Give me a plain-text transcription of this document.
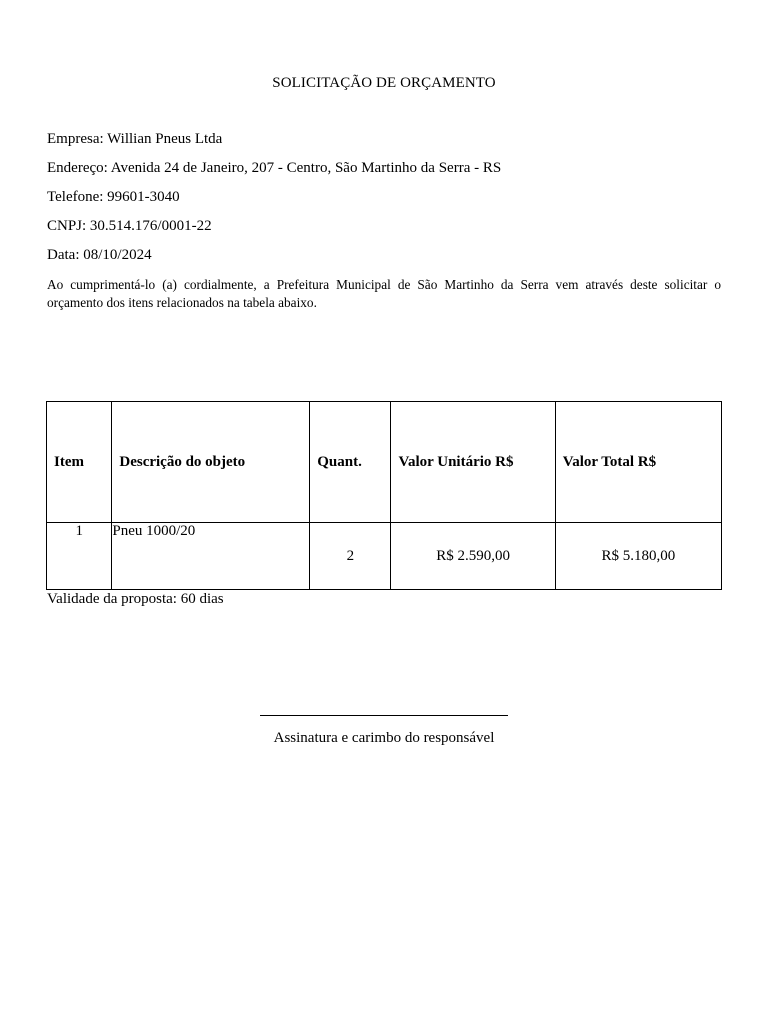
SOLICITAÇÃO DE ORÇAMENTO
Empresa: Willian Pneus Ltda
Endereço: Avenida 24 de Janeiro, 207 - Centro, São Martinho da Serra - RS
Telefone: 99601-3040
CNPJ: 30.514.176/0001-22
Data: 08/10/2024
Ao cumprimentá-lo (a) cordialmente, a Prefeitura Municipal de São Martinho da Serra vem através deste solicitar o orçamento dos itens relacionados na tabela abaixo.
Item	Descrição do objeto	Quant.	Valor Unitário R$	Valor Total R$
1	Pneu 1000/20	2	R$ 2.590,00	R$ 5.180,00
Validade da proposta: 60 dias
Assinatura e carimbo do responsável
